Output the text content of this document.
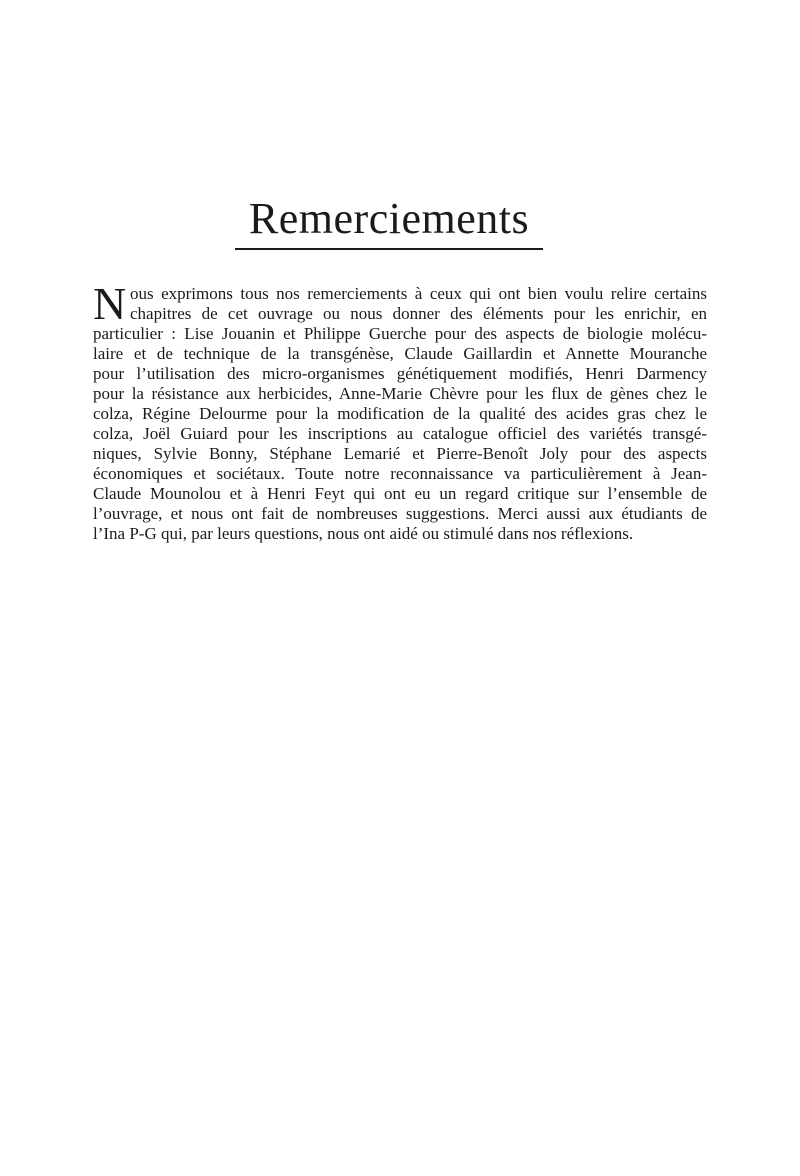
Remerciements
N ous exprimons tous nos remerciements à ceux qui ont bien voulu relire certains
chapitres de cet ouvrage ou nous donner des éléments pour les enrichir, en
particulier : Lise Jouanin et Philippe Guerche pour des aspects de biologie molécu-
laire et de technique de la transgénèse, Claude Gaillardin et Annette Mouranche
pour l’utilisation des micro-organismes génétiquement modifiés, Henri Darmency
pour la résistance aux herbicides, Anne-Marie Chèvre pour les flux de gènes chez le
colza, Régine Delourme pour la modification de la qualité des acides gras chez le
colza, Joël Guiard pour les inscriptions au catalogue officiel des variétés transgé-
niques, Sylvie Bonny, Stéphane Lemarié et Pierre-Benoît Joly pour des aspects
économiques et sociétaux. Toute notre reconnaissance va particulièrement à Jean-
Claude Mounolou et à Henri Feyt qui ont eu un regard critique sur l’ensemble de
l’ouvrage, et nous ont fait de nombreuses suggestions. Merci aussi aux étudiants de
l’Ina P-G qui, par leurs questions, nous ont aidé ou stimulé dans nos réflexions.
